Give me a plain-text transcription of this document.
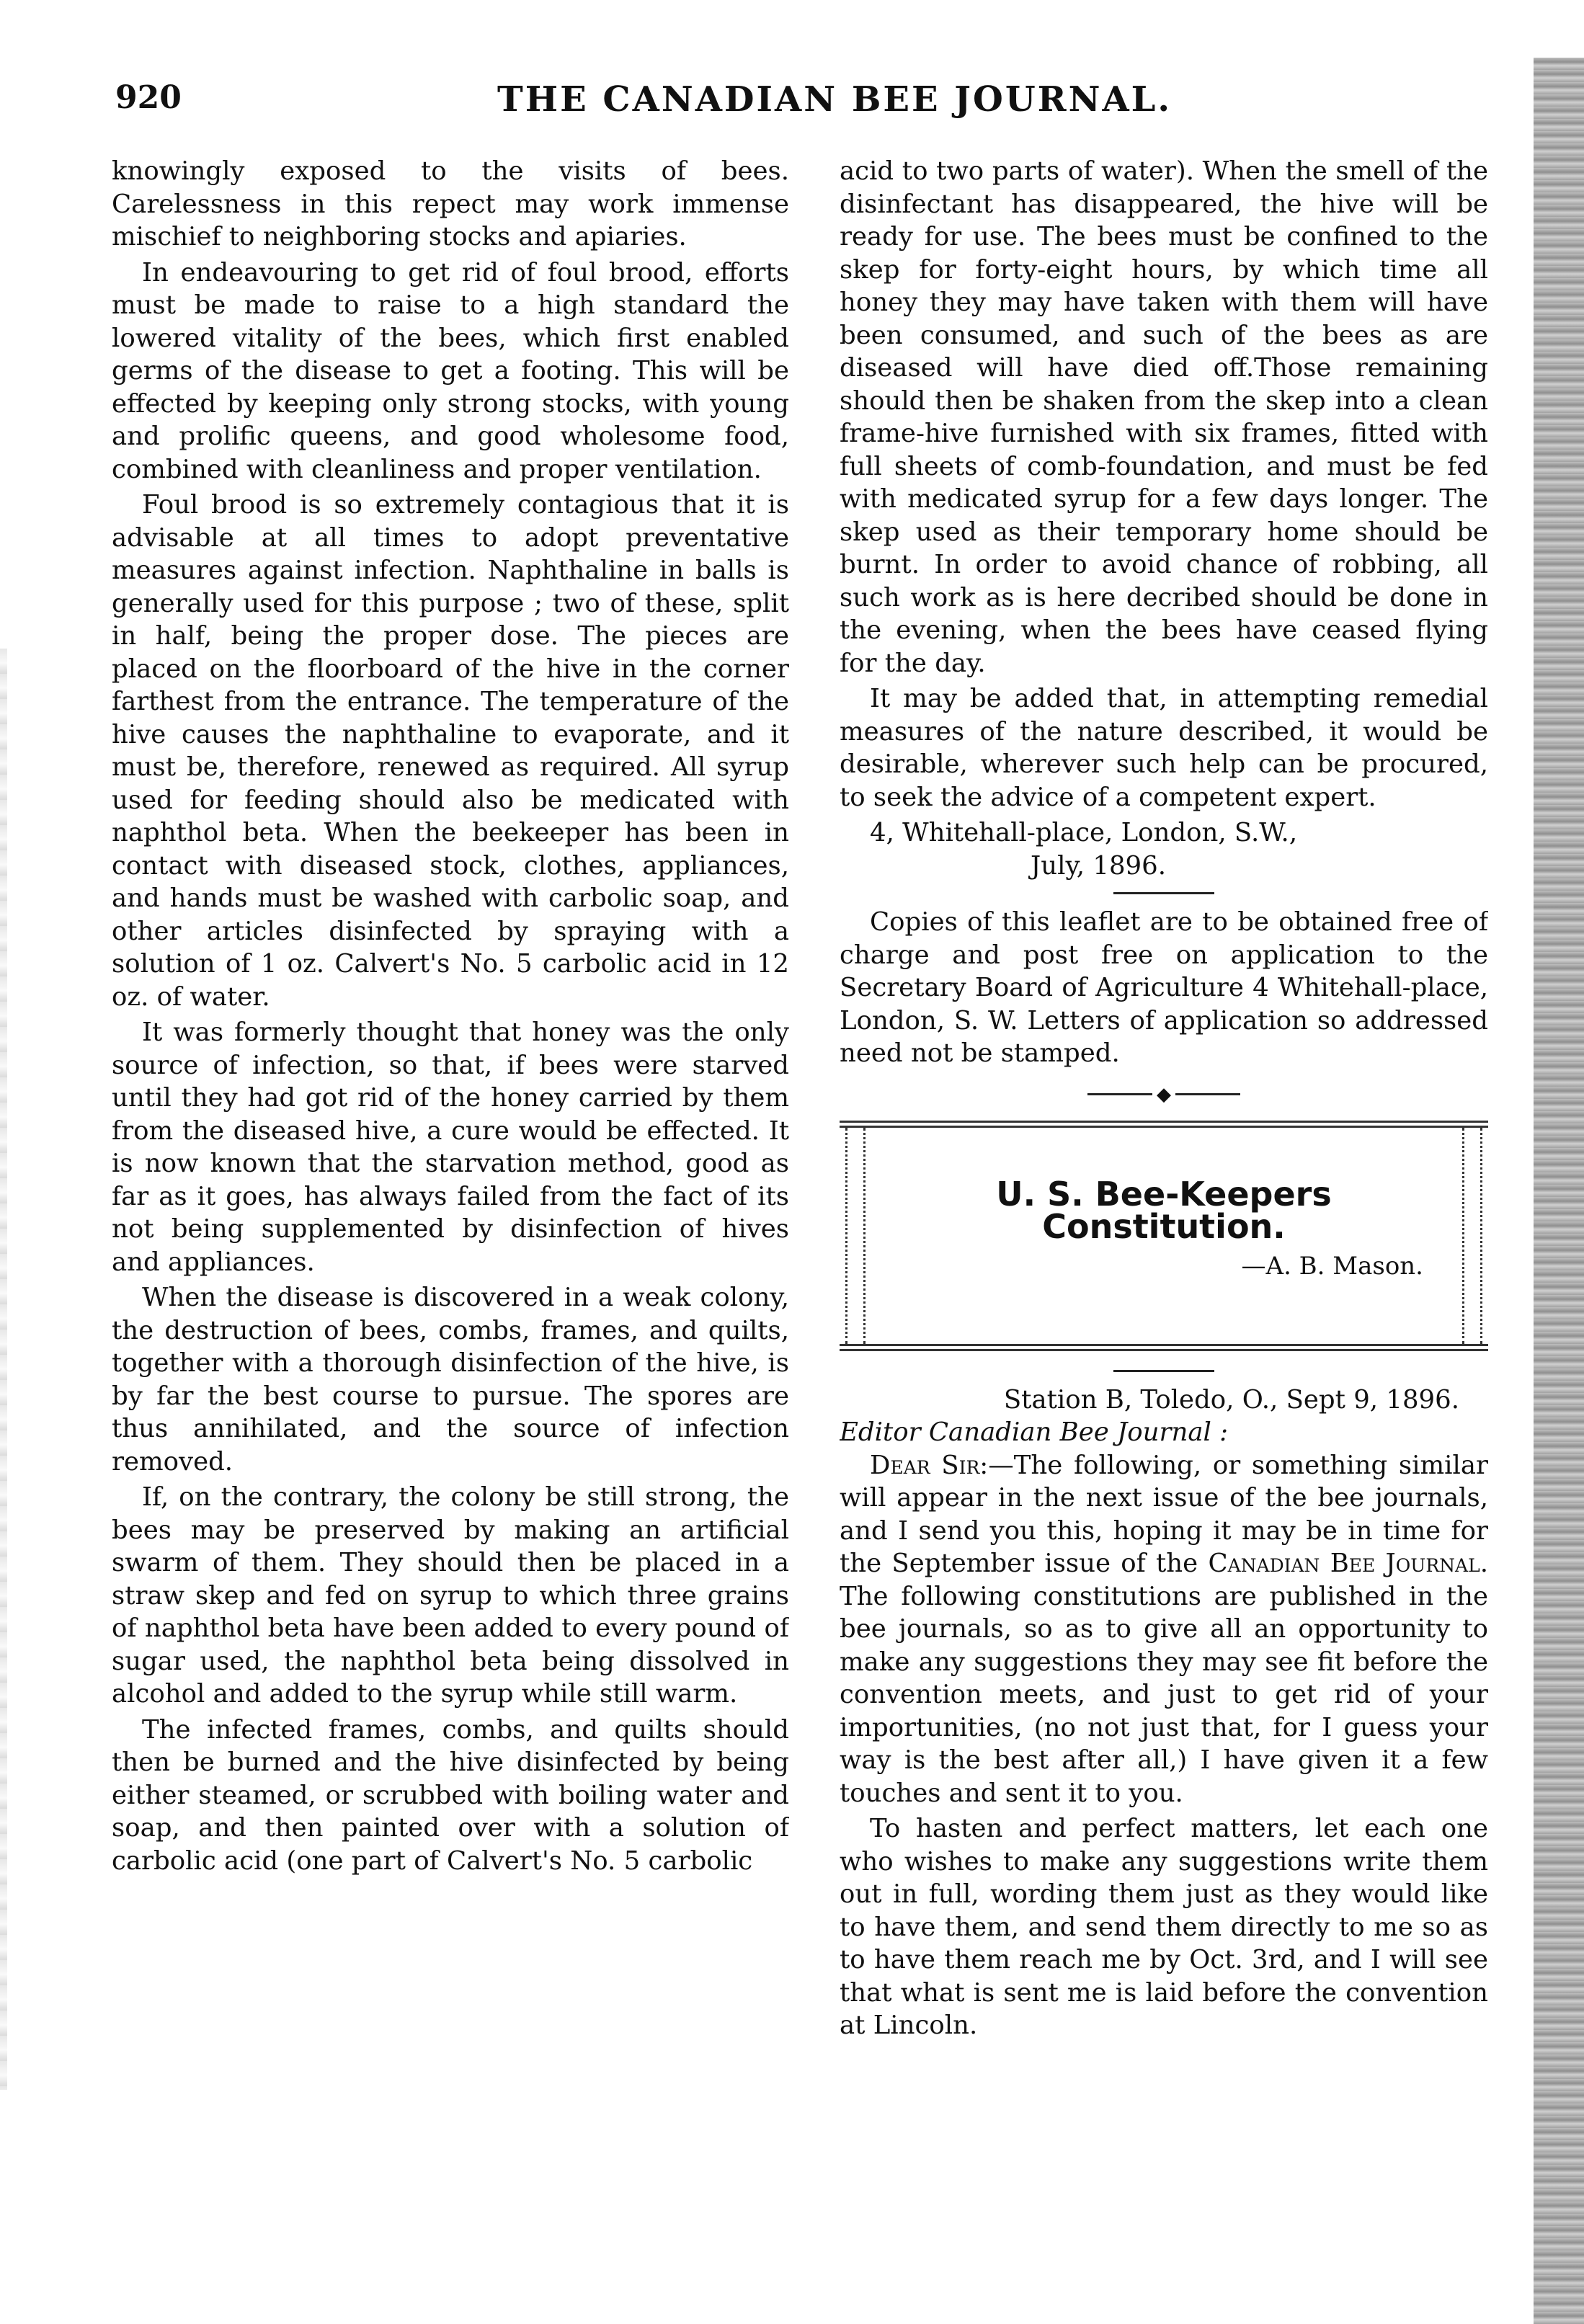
920	THE CANADIAN BEE JOURNAL.

knowingly exposed to the visits of bees. Carelessness in this repect may work immense mischief to neighboring stocks and apiaries.

In endeavouring to get rid of foul brood, efforts must be made to raise to a high standard the lowered vitality of the bees, which first enabled germs of the disease to get a footing. This will be effected by keeping only strong stocks, with young and prolific queens, and good wholesome food, combined with cleanliness and proper ventilation.

Foul brood is so extremely contagious that it is advisable at all times to adopt preventative measures against infection. Naphthaline in balls is generally used for this purpose ; two of these, split in half, being the proper dose. The pieces are placed on the floorboard of the hive in the corner farthest from the entrance. The temperature of the hive causes the naphthaline to evaporate, and it must be, therefore, renewed as required. All syrup used for feeding should also be medicated with naphthol beta. When the beekeeper has been in contact with diseased stock, clothes, appliances, and hands must be washed with carbolic soap, and other articles disinfected by spraying with a solution of 1 oz. Calvert's No. 5 carbolic acid in 12 oz. of water.

It was formerly thought that honey was the only source of infection, so that, if bees were starved until they had got rid of the honey carried by them from the diseased hive, a cure would be effected. It is now known that the starvation method, good as far as it goes, has always failed from the fact of its not being supplemented by disinfection of hives and appliances.

When the disease is discovered in a weak colony, the destruction of bees, combs, frames, and quilts, together with a thorough disinfection of the hive, is by far the best course to pursue. The spores are thus annihilated, and the source of infection removed.

If, on the contrary, the colony be still strong, the bees may be preserved by making an artificial swarm of them. They should then be placed in a straw skep and fed on syrup to which three grains of naphthol beta have been added to every pound of sugar used, the naphthol beta being dissolved in alcohol and added to the syrup while still warm.

The infected frames, combs, and quilts should then be burned and the hive disinfected by being either steamed, or scrubbed with boiling water and soap, and then painted over with a solution of carbolic acid (one part of Calvert's No. 5 carbolic

acid to two parts of water). When the smell of the disinfectant has disappeared, the hive will be ready for use. The bees must be confined to the skep for forty-eight hours, by which time all honey they may have taken with them will have been consumed, and such of the bees as are diseased will have died off.Those remaining should then be shaken from the skep into a clean frame-hive furnished with six frames, fitted with full sheets of comb-foundation, and must be fed with medicated syrup for a few days longer. The skep used as their temporary home should be burnt. In order to avoid chance of robbing, all such work as is here decribed should be done in the evening, when the bees have ceased flying for the day.

It may be added that, in attempting remedial measures of the nature described, it would be desirable, wherever such help can be procured, to seek the advice of a competent expert.

4, Whitehall-place, London, S.W.,
July, 1896.

Copies of this leaflet are to be obtained free of charge and post free on application to the Secretary Board of Agriculture 4 Whitehall-place, London, S. W. Letters of application so addressed need not be stamped.

◆
U. S. Bee-Keepers Constitution.
—A. B. Mason.
Station B, Toledo, O., Sept 9, 1896.
Editor Canadian Bee Journal :

Dear Sir:—The following, or something similar will appear in the next issue of the bee journals, and I send you this, hoping it may be in time for the September issue of the Canadian Bee Journal. The following constitutions are published in the bee journals, so as to give all an opportunity to make any suggestions they may see fit before the convention meets, and just to get rid of your importunities, (no not just that, for I guess your way is the best after all,) I have given it a few touches and sent it to you.

To hasten and perfect matters, let each one who wishes to make any suggestions write them out in full, wording them just as they would like to have them, and send them directly to me so as to have them reach me by Oct. 3rd, and I will see that what is sent me is laid before the convention at Lincoln.
